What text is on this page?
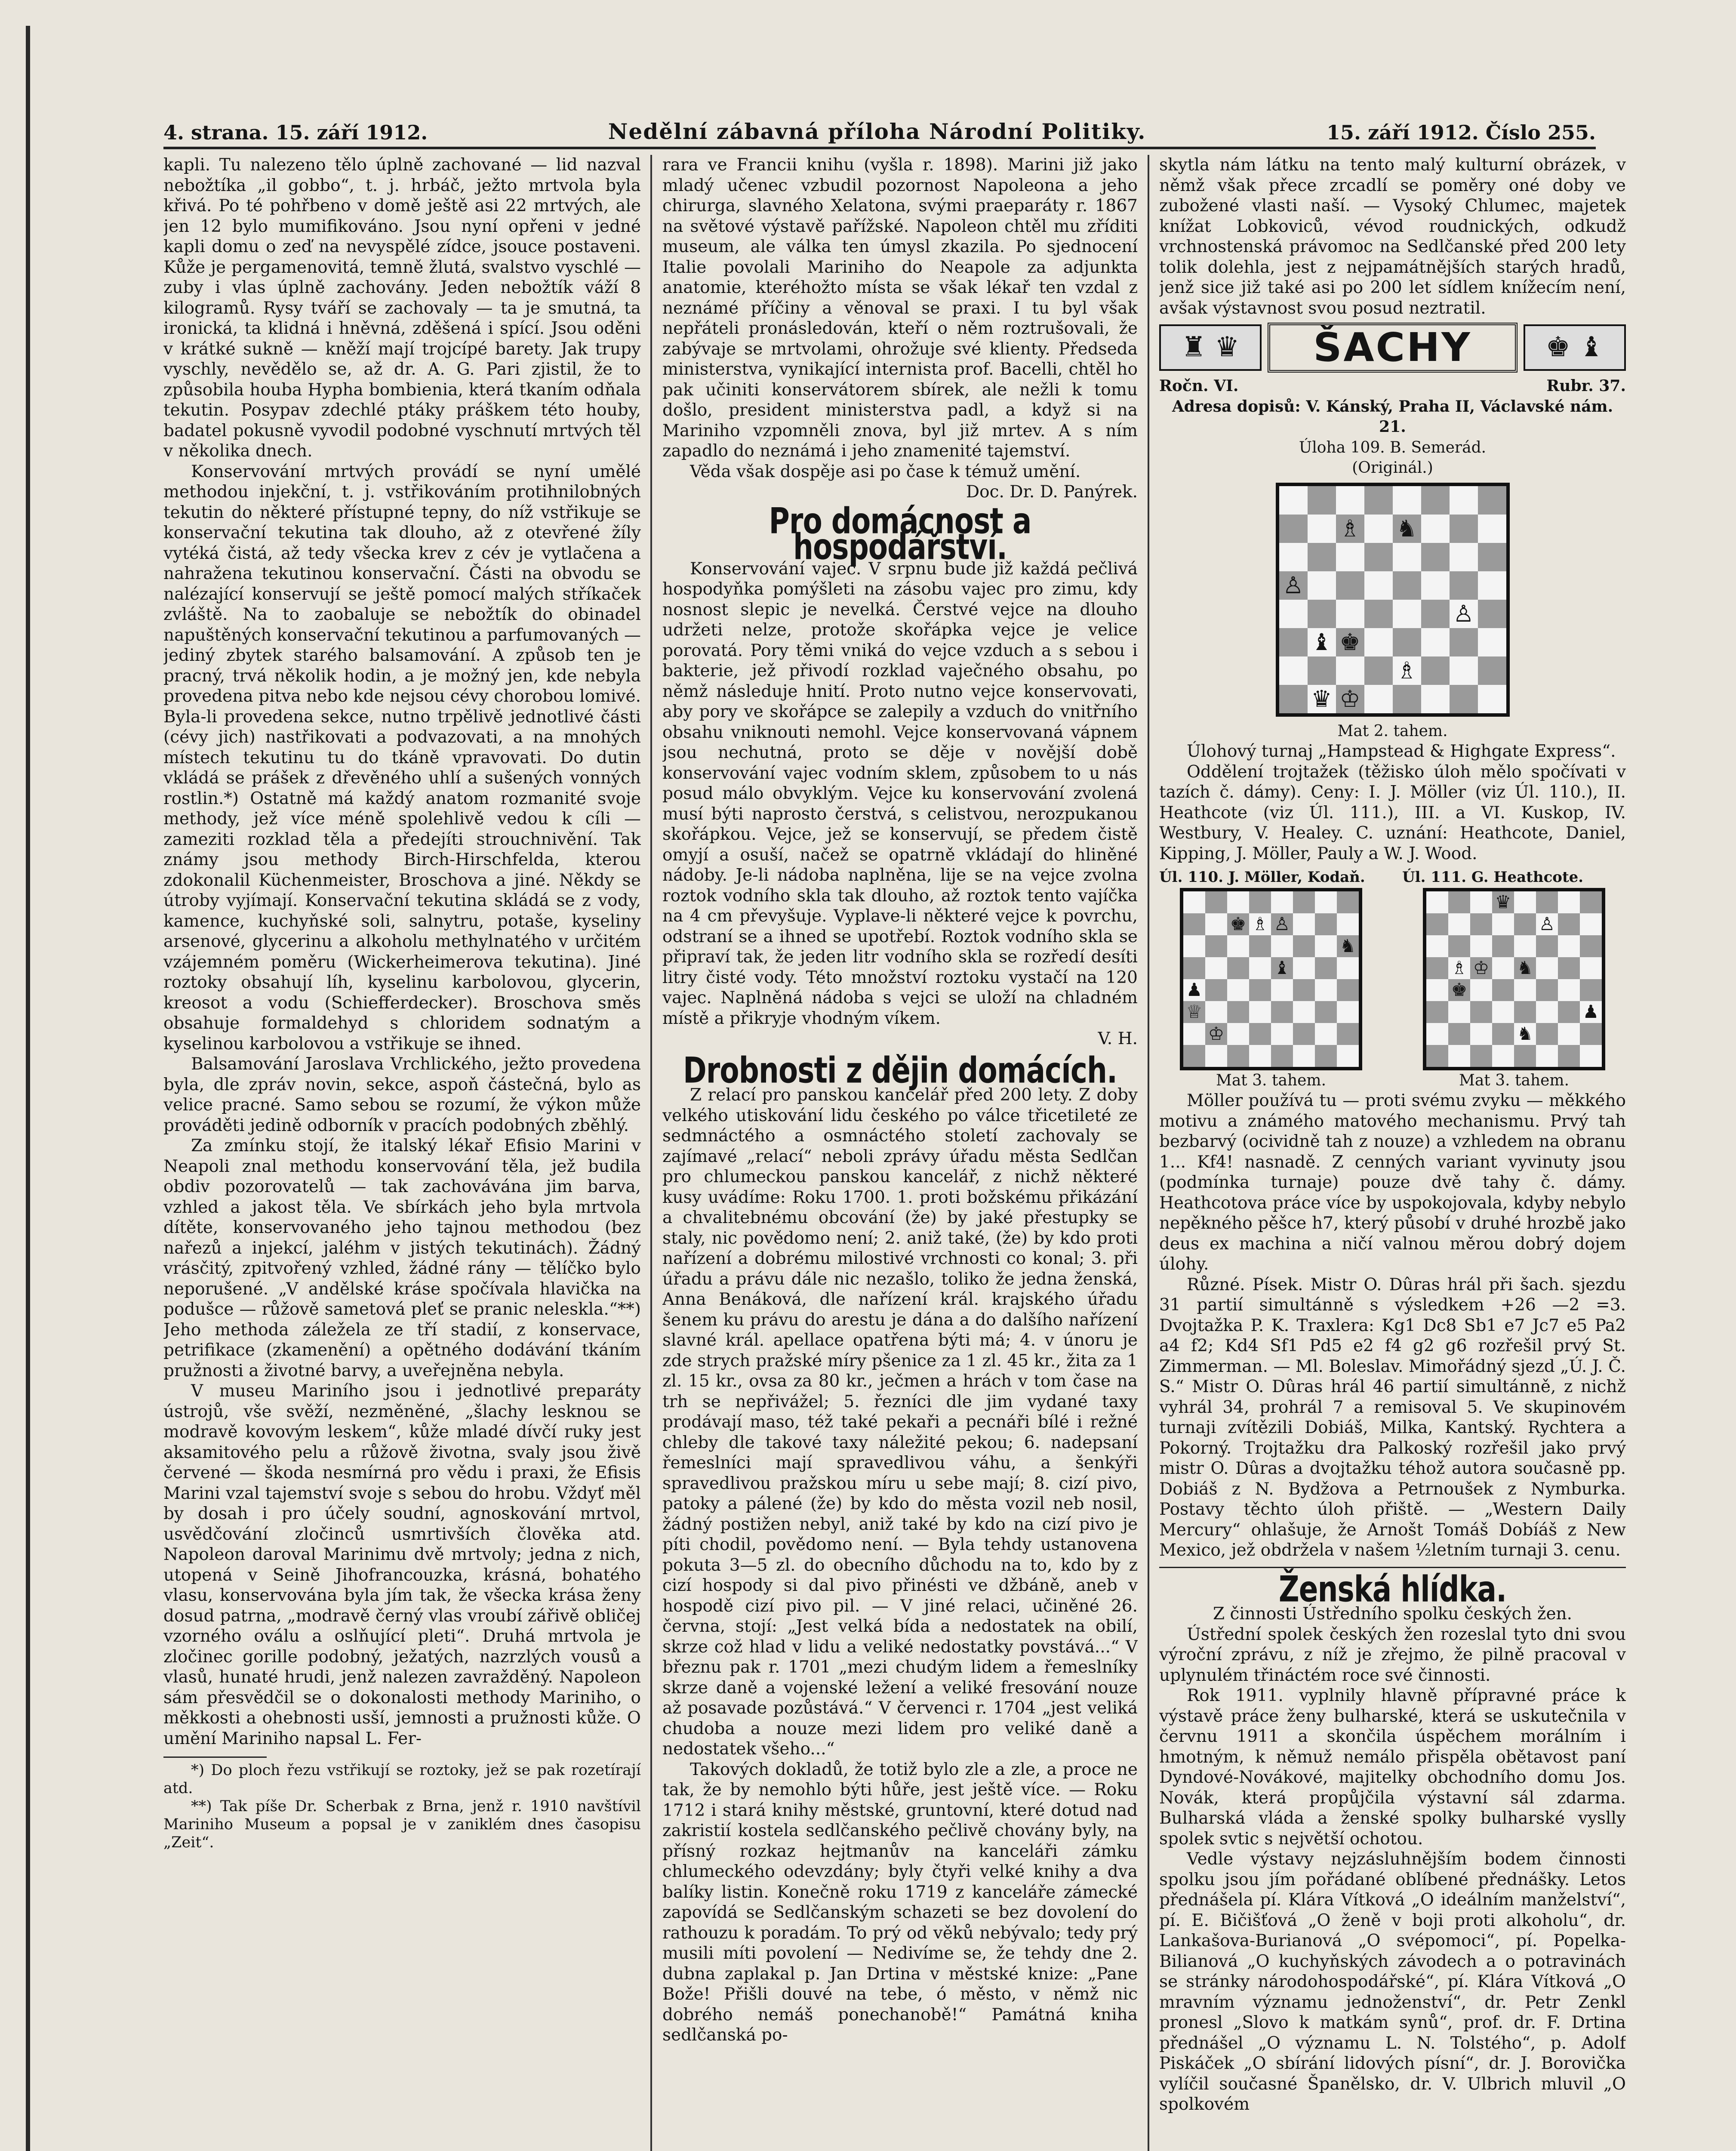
4. strana. 15. září 1912.	Nedělní zábavná příloha Národní Politiky.	15. září 1912. Číslo 255.

kapli. Tu nalezeno tělo úplně zachované — lid nazval nebožtíka „il gobbo“, t. j. hrbáč, ježto mrtvola byla křivá. Po té pohřbeno v domě ještě asi 22 mrtvých, ale jen 12 bylo mumifikováno. Jsou nyní opřeni v jedné kapli domu o zeď na nevyspělé zídce, jsouce postaveni. Kůže je pergamenovitá, temně žlutá, svalstvo vyschlé — zuby i vlas úplně zachovány. Jeden nebožtík váží 8 kilogramů. Rysy tváří se zachovaly — ta je smutná, ta ironická, ta klidná i hněvná, zděšená i spící. Jsou oděni v krátké sukně — kněží mají trojcípé barety. Jak trupy vyschly, nevědělo se, až dr. A. G. Pari zjistil, že to způsobila houba Hypha bombienia, která tkaním odňala tekutin. Posypav zdechlé ptáky práškem této houby, badatel pokusně vyvodil podobné vyschnutí mrtvých těl v několika dnech.

Konservování mrtvých provádí se nyní umělé methodou injekční, t. j. vstřikováním protihnilobných tekutin do některé přístupné tepny, do níž vstřikuje se konservační tekutina tak dlouho, až z otevřené žíly vytéká čistá, až tedy všecka krev z cév je vytlačena a nahražena tekutinou konservační. Části na obvodu se nalézající konservují se ještě pomocí malých stříkaček zvláště. Na to zaobaluje se nebožtík do obinadel napuštěných konservační tekutinou a parfumovaných — jediný zbytek starého balsamování. A způsob ten je pracný, trvá několik hodin, a je možný jen, kde nebyla provedena pitva nebo kde nejsou cévy chorobou lomivé. Byla-li provedena sekce, nutno trpělivě jednotlivé části (cévy jich) nastřikovati a podvazovati, a na mnohých místech tekutinu tu do tkáně vpravovati. Do dutin vkládá se prášek z dřevěného uhlí a sušených vonných rostlin.*) Ostatně má každý anatom rozmanité svoje methody, jež více méně spolehlivě vedou k cíli — zameziti rozklad těla a předejíti strouchnivění. Tak známy jsou methody Birch-Hirschfelda, kterou zdokonalil Küchenmeister, Broschova a jiné. Někdy se útroby vyjímají. Konservační tekutina skládá se z vody, kamence, kuchyňské soli, salnytru, potaše, kyseliny arsenové, glycerinu a alkoholu methylnatého v určitém vzájemném poměru (Wickerheimerova tekutina). Jiné roztoky obsahují líh, kyselinu karbolovou, glycerin, kreosot a vodu (Schiefferdecker). Broschova směs obsahuje formaldehyd s chloridem sodnatým a kyselinou karbolovou a vstřikuje se ihned.

Balsamování Jaroslava Vrchlického, ježto provedena byla, dle zpráv novin, sekce, aspoň částečná, bylo as velice pracné. Samo sebou se rozumí, že výkon může prováděti jedině odborník v pracích podobných zběhlý.

Za zmínku stojí, že italský lékař Efisio Marini v Neapoli znal methodu konservování těla, jež budila obdiv pozorovatelů — tak zachovávána jim barva, vzhled a jakost těla. Ve sbírkách jeho byla mrtvola dítěte, konservovaného jeho tajnou methodou (bez nařezů a injekcí, jaléhm v jistých tekutinách). Žádný vrásčitý, zpitvořený vzhled, žádné rány — tělíčko bylo neporušené. „V andělské kráse spočívala hlavička na podušce — růžově sametová pleť se pranic neleskla.“**) Jeho methoda záležela ze tří stadií, z konservace, petrifikace (zkamenění) a opětného dodávání tkáním pružnosti a životné barvy, a uveřejněna nebyla.

V museu Mariního jsou i jednotlivé preparáty ústrojů, vše svěží, nezměněné, „šlachy lesknou se modravě kovovým leskem“, kůže mladé dívčí ruky jest aksamitového pelu a růžově životna, svaly jsou živě červené — škoda nesmírná pro vědu i praxi, že Efisis Marini vzal tajemství svoje s sebou do hrobu. Vždyť měl by dosah i pro účely soudní, agnoskování mrtvol, usvědčování zločinců usmrtivších člověka atd. Napoleon daroval Marinimu dvě mrtvoly; jedna z nich, utopená v Seině Jihofrancouzka, krásná, bohatého vlasu, konservována byla jím tak, že všecka krása ženy dosud patrna, „modravě černý vlas vroubí zářivě obličej vzorného oválu a oslňující pleti“. Druhá mrtvola je zločinec gorille podobný, ježatých, nazrzlých vousů a vlasů, hunaté hrudi, jenž nalezen zavražděný. Napoleon sám přesvědčil se o dokonalosti methody Mariniho, o měkkosti a ohebnosti usší, jemnosti a pružnosti kůže. O umění Mariniho napsal L. Fer-

*) Do ploch řezu vstřikují se roztoky, jež se pak rozetírají atd.

**) Tak píše Dr. Scherbak z Brna, jenž r. 1910 navštívil Mariniho Museum a popsal je v zaniklém dnes časopisu „Zeit“.

rara ve Francii knihu (vyšla r. 1898). Marini již jako mladý učenec vzbudil pozornost Napoleona a jeho chirurga, slavného Xelatona, svými praeparáty r. 1867 na světové výstavě pařížské. Napoleon chtěl mu zříditi museum, ale válka ten úmysl zkazila. Po sjednocení Italie povolali Mariniho do Neapole za adjunkta anatomie, kteréhožto místa se však lékař ten vzdal z neznámé příčiny a věnoval se praxi. I tu byl však nepřáteli pronásledován, kteří o něm roztrušovali, že zabývaje se mrtvolami, ohrožuje své klienty. Předseda ministerstva, vynikající internista prof. Bacelli, chtěl ho pak učiniti konservátorem sbírek, ale nežli k tomu došlo, president ministerstva padl, a když si na Mariniho vzpomněli znova, byl již mrtev. A s ním zapadlo do neznámá i jeho znamenité tajemství.

Věda však dospěje asi po čase k témuž umění.

Doc. Dr. D. Panýrek.

Pro domácnost a hospodářství.

Konservování vajec. V srpnu bude již každá pečlivá hospodyňka pomýšleti na zásobu vajec pro zimu, kdy nosnost slepic je nevelká. Čerstvé vejce na dlouho udržeti nelze, protože skořápka vejce je velice porovatá. Pory těmi vniká do vejce vzduch a s sebou i bakterie, jež přivodí rozklad vaječného obsahu, po němž následuje hnití. Proto nutno vejce konservovati, aby pory ve skořápce se zalepily a vzduch do vnitřního obsahu vniknouti nemohl. Vejce konservovaná vápnem jsou nechutná, proto se děje v novější době konservování vajec vodním sklem, způsobem to u nás posud málo obvyklým. Vejce ku konservování zvolená musí býti naprosto čerstvá, s celistvou, nerozpukanou skořápkou. Vejce, jež se konservují, se předem čistě omyjí a osuší, načež se opatrně vkládají do hliněné nádoby. Je-li nádoba naplněna, lije se na vejce zvolna roztok vodního skla tak dlouho, až roztok tento vajíčka na 4 cm převyšuje. Vyplave-li některé vejce k povrchu, odstraní se a ihned se upotřebí. Roztok vodního skla se připraví tak, že jeden litr vodního skla se rozředí desíti litry čisté vody. Této množství roztoku vystačí na 120 vajec. Naplněná nádoba s vejci se uloží na chladném místě a přikryje vhodným víkem.

V. H.

Drobnosti z dějin domácích.

Z relací pro panskou kancelář před 200 lety. Z doby velkého utiskování lidu českého po válce třicetileté ze sedmnáctého a osmnáctého století zachovaly se zajímavé „relací“ neboli zprávy úřadu města Sedlčan pro chlumeckou panskou kancelář, z nichž některé kusy uvádíme: Roku 1700. 1. proti božskému přikázání a chvalitebnému obcování (že) by jaké přestupky se staly, nic povědomo není; 2. aniž také, (že) by kdo proti nařízení a dobrému milostivé vrchnosti co konal; 3. při úřadu a právu dále nic nezašlo, toliko že jedna ženská, Anna Benáková, dle nařízení král. krajského úřadu šenem ku právu do arestu je dána a do dalšího nařízení slavné král. apellace opatřena býti má; 4. v únoru je zde strych pražské míry pšenice za 1 zl. 45 kr., žita za 1 zl. 15 kr., ovsa za 80 kr., ječmen a hrách v tom čase na trh se nepřivážel; 5. řezníci dle jim vydané taxy prodávají maso, též také pekaři a pecnáři bílé i režné chleby dle takové taxy náležité pekou; 6. nadepsaní řemeslníci mají spravedlivou váhu, a šenkýři spravedlivou pražskou míru u sebe mají; 8. cizí pivo, patoky a pálené (že) by kdo do města vozil neb nosil, žádný postižen nebyl, aniž také by kdo na cizí pivo je píti chodil, povědomo není. — Byla tehdy ustanovena pokuta 3—5 zl. do obecního důchodu na to, kdo by z cizí hospody si dal pivo přinésti ve džbáně, aneb v hospodě cizí pivo pil. — V jiné relaci, učiněné 26. června, stojí: „Jest velká bída a nedostatek na obilí, skrze což hlad v lidu a veliké nedostatky povstává...“ V březnu pak r. 1701 „mezi chudým lidem a řemeslníky skrze daně a vojenské ležení a veliké fresování nouze až posavade pozůstává.“ V červenci r. 1704 „jest veliká chudoba a nouze mezi lidem pro veliké daně a nedostatek všeho...“

Takových dokladů, že totiž bylo zle a zle, a proce ne tak, že by nemohlo býti hůře, jest ještě více. — Roku 1712 i stará knihy městské, gruntovní, které dotud nad zakristií kostela sedlčanského pečlivě chovány byly, na přísný rozkaz hejtmanův na kanceláři zámku chlumeckého odevzdány; byly čtyři velké knihy a dva balíky listin. Konečně roku 1719 z kanceláře zámecké zapovídá se Sedlčanským schazeti se bez dovolení do rathouzu k poradám. To prý od věků nebývalo; tedy prý musili míti povolení — Nedivíme se, že tehdy dne 2. dubna zaplakal p. Jan Drtina v městské knize: „Pane Bože! Přišli douvé na tebe, ó město, v němž nic dobrého nemáš ponechanobě!“ Památná kniha sedlčanská po-

skytla nám látku na tento malý kulturní obrázek, v němž však přece zrcadlí se poměry oné doby ve zubožené vlasti naší. — Vysoký Chlumec, majetek knížat Lobkoviců, vévod roudnických, odkudž vrchnostenská právomoc na Sedlčanské před 200 lety tolik dolehla, jest z nejpamátnějších starých hradů, jenž sice již také asi po 200 let sídlem knížecím není, avšak výstavnost svou posud neztratil.

♜ ♛	ŠACHY	♚ ♝
Ročn. VI.	Rubr. 37.
Adresa dopisů: V. Kánský, Praha II, Václavské nám. 21.
Úloha 109. B. Semerád.
(Originál.)
♗ ♞
♙
♙
♝ ♚
♗
♛ ♔
Mat 2. tahem.

Úlohový turnaj „Hampstead & Highgate Express“.

Oddělení trojtažek (těžisko úloh mělo spočívati v tazích č. dámy). Ceny: I. J. Möller (viz Úl. 110.), II. Heathcote (viz Úl. 111.), III. a VI. Kuskop, IV. Westbury, V. Healey. C. uznání: Heathcote, Daniel, Kipping, J. Möller, Pauly a W. J. Wood.

Úl. 110. J. Möller, Kodaň.
♚ ♗ ♙
♞
♝
♟
♕
♔
Mat 3. tahem.
Úl. 111. G. Heathcote.
♛
♙
♗ ♔ ♞
♚
♟
♞
Mat 3. tahem.

Möller používá tu — proti svému zvyku — měkkého motivu a známého matového mechanismu. Prvý tah bezbarvý (ocividně tah z nouze) a vzhledem na obranu 1... Kf4! nasnadě. Z cenných variant vyvinuty jsou (podmínka turnaje) pouze dvě tahy č. dámy. Heathcotova práce více by uspokojovala, kdyby nebylo nepěkného pěšce h7, který působí v druhé hrozbě jako deus ex machina a ničí valnou měrou dobrý dojem úlohy.

Různé. Písek. Mistr O. Dûras hrál při šach. sjezdu 31 partií simultánně s výsledkem +26 —2 =3. Dvojtažka P. K. Traxlera: Kg1 Dc8 Sb1 e7 Jc7 e5 Pa2 a4 f2; Kd4 Sf1 Pd5 e2 f4 g2 g6 rozřešil prvý St. Zimmerman. — Ml. Boleslav. Mimořádný sjezd „Ú. J. Č. S.“ Mistr O. Dûras hrál 46 partií simultánně, z nichž vyhrál 34, prohrál 7 a remisoval 5. Ve skupinovém turnaji zvítězili Dobiáš, Milka, Kantský. Rychtera a Pokorný. Trojtažku dra Palkoský rozřešil jako prvý mistr O. Dûras a dvojtažku téhož autora současně pp. Dobiáš z N. Bydžova a Petrnoušek z Nymburka. Postavy těchto úloh přiště. — „Western Daily Mercury“ ohlašuje, že Arnošt Tomáš Dobíáš z New Mexico, jež obdržela v našem ½letním turnaji 3. cenu.

Ženská hlídka.
Z činnosti Ústředního spolku českých žen.

Ústřední spolek českých žen rozeslal tyto dni svou výroční zprávu, z níž je zřejmo, že pilně pracoval v uplynulém třináctém roce své činnosti.

Rok 1911. vyplnily hlavně přípravné práce k výstavě práce ženy bulharské, která se uskutečnila v červnu 1911 a skončila úspěchem morálním i hmotným, k němuž nemálo přispěla obětavost paní Dyndové-Novákové, majitelky obchodního domu Jos. Novák, která propůjčila výstavní sál zdarma. Bulharská vláda a ženské spolky bulharské vyslly spolek svtic s největší ochotou.

Vedle výstavy nejzásluhnějším bodem činnosti spolku jsou jím pořádané oblíbené přednášky. Letos přednášela pí. Klára Vítková „O ideálním manželství“, pí. E. Bičišťová „O ženě v boji proti alkoholu“, dr. Lankašova-Burianová „O svépomoci“, pí. Popelka-Bilianová „O kuchyňských závodech a o potravinách se stránky národohospodářské“, pí. Klára Vítková „O mravním významu jednoženství“, dr. Petr Zenkl pronesl „Slovo k matkám synů“, prof. dr. F. Drtina přednášel „O významu L. N. Tolstého“, p. Adolf Piskáček „O sbírání lidových písní“, dr. J. Borovička vylíčil současné Španělsko, dr. V. Ulbrich mluvil „O spolkovém
